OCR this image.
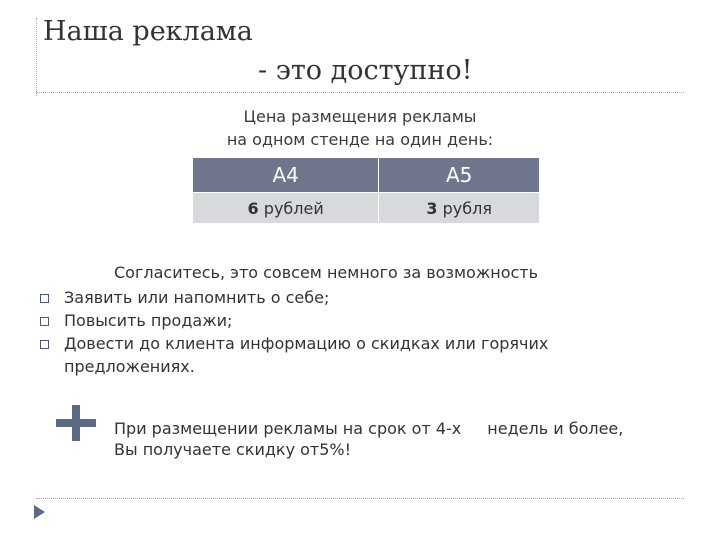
Наша реклама
- это доступно!
Цена размещения рекламы
на одном стенде на один день:
А4	А5
6 рублей	3 рубля
Согласитесь, это совсем немного за возможность
Заявить или напомнить о себе;
Повысить продажи;
Довести до клиента информацию о скидках или горячих предложениях.
При размещении рекламы на срок от 4-х недель и более, Вы получаете скидку от5%!
